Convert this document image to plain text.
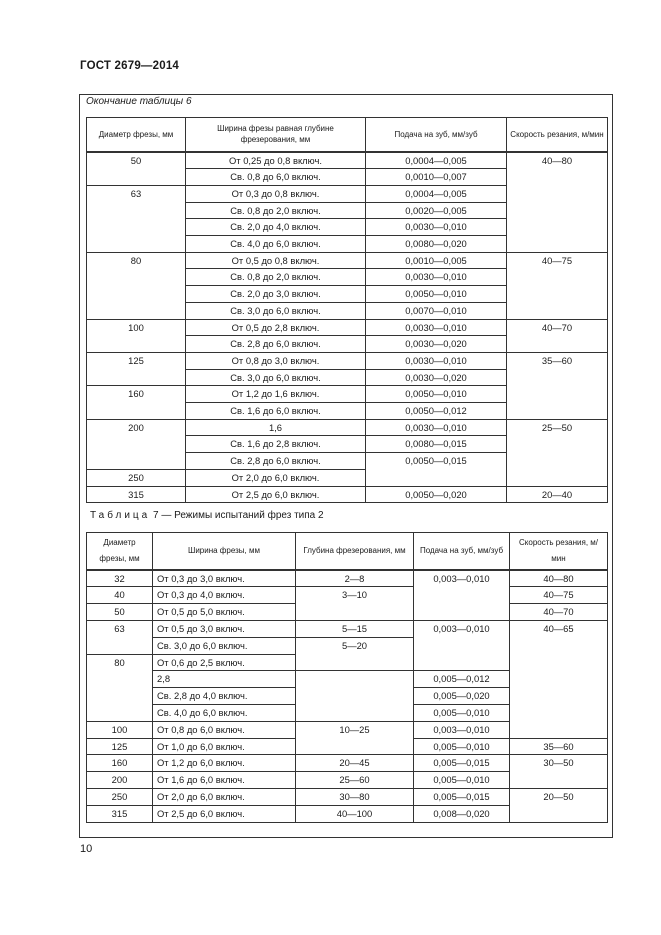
ГОСТ 2679—2014
Окончание таблицы 6
Диаметр фрезы, мм	Ширина фрезы равная глубине фрезерования, мм	Подача на зуб, мм/зуб	Скорость резания, м/мин
50	От 0,25 до 0,8 включ.	0,0004—0,005	40—80
	Св. 0,8 до 6,0 включ.	0,0010—0,007	
63	От 0,3 до 0,8 включ.	0,0004—0,005	
	Св. 0,8 до 2,0 включ.	0,0020—0,005	
	Св. 2,0 до 4,0 включ.	0,0030—0,010	
	Св. 4,0 до 6,0 включ.	0,0080—0,020	
80	От 0,5 до 0,8 включ.	0,0010—0,005	40—75
	Св. 0,8 до 2,0 включ.	0,0030—0,010	
	Св. 2,0 до 3,0 включ.	0,0050—0,010	
	Св. 3,0 до 6,0 включ.	0,0070—0,010	
100	От 0,5 до 2,8 включ.	0,0030—0,010	40—70
	Св. 2,8 до 6,0 включ.	0,0030—0,020	
125	От 0,8 до 3,0 включ.	0,0030—0,010	35—60
	Св. 3,0 до 6,0 включ.	0,0030—0,020	
160	От 1,2 до 1,6 включ.	0,0050—0,010	
	Св. 1,6 до 6,0 включ.	0,0050—0,012	
200	1,6	0,0030—0,010	25—50
	Св. 1,6 до 2,8 включ.	0,0080—0,015	
	Св. 2,8 до 6,0 включ.	0,0050—0,015	
250	От 2,0 до 6,0 включ.		
315	От 2,5 до 6,0 включ.	0,0050—0,020	20—40
Таблица 7 — Режимы испытаний фрез типа 2
Диаметр фрезы, мм	Ширина фрезы, мм	Глубина фрезерования, мм	Подача на зуб, мм/зуб	Скорость резания, м/мин
32	От 0,3 до 3,0 включ.	2—8	0,003—0,010	40—80
40	От 0,3 до 4,0 включ.	3—10		40—75
50	От 0,5 до 5,0 включ.			40—70
63	От 0,5 до 3,0 включ.	5—15	0,003—0,010	40—65
	Св. 3,0 до 6,0 включ.	5—20		
80	От 0,6 до 2,5 включ.			
	2,8		0,005—0,012	
	Св. 2,8 до 4,0 включ.		0,005—0,020	
	Св. 4,0 до 6,0 включ.		0,005—0,010	
100	От 0,8 до 6,0 включ.	10—25	0,003—0,010	
125	От 1,0 до 6,0 включ.		0,005—0,010	35—60
160	От 1,2 до 6,0 включ.	20—45	0,005—0,015	30—50
200	От 1,6 до 6,0 включ.	25—60	0,005—0,010	
250	От 2,0 до 6,0 включ.	30—80	0,005—0,015	20—50
315	От 2,5 до 6,0 включ.	40—100	0,008—0,020	
10
